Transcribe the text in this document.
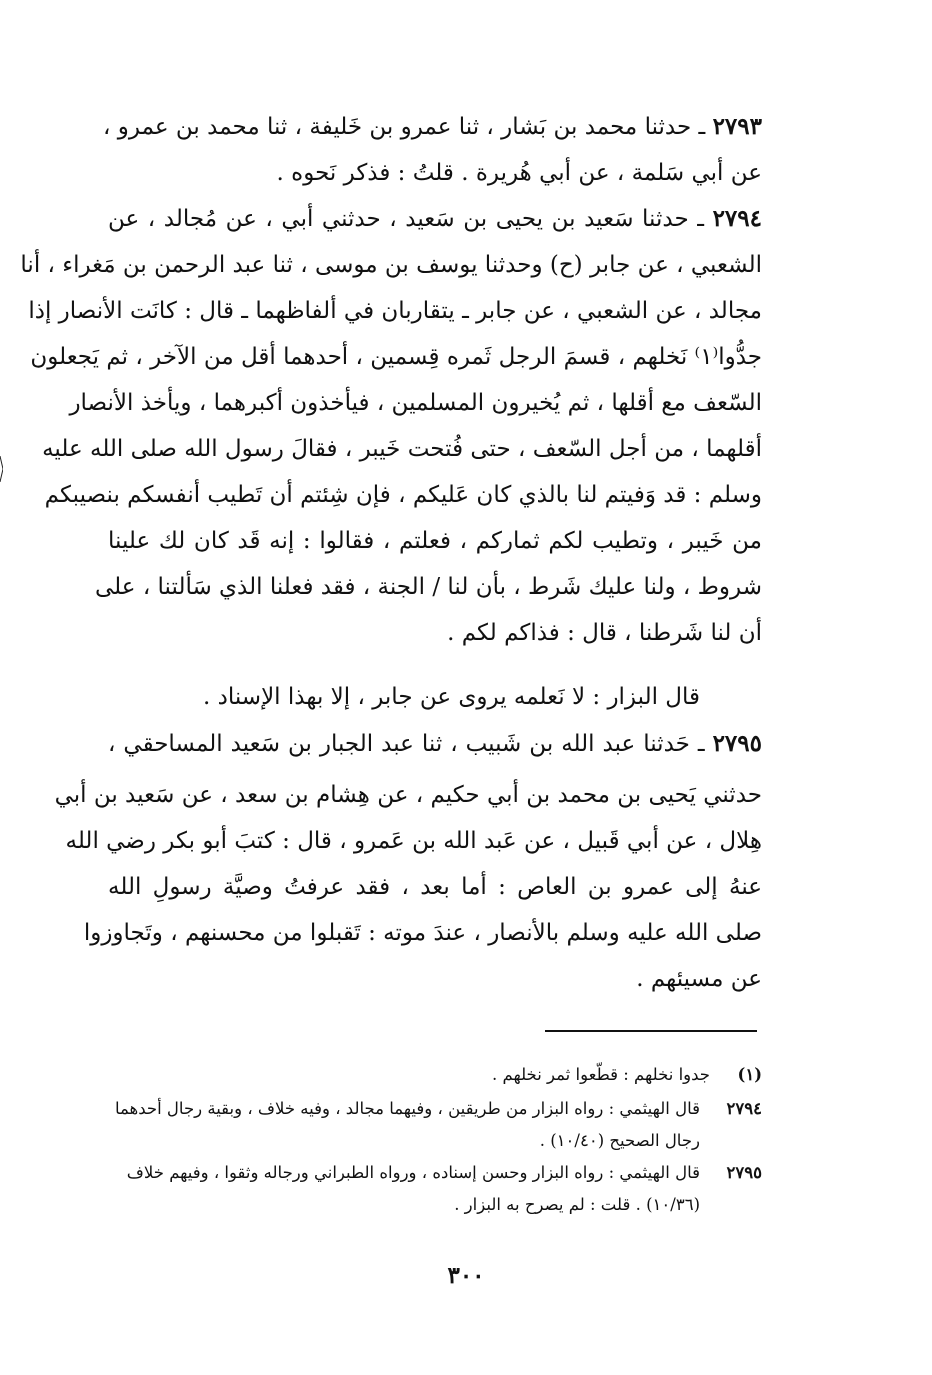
٢٧٩٣ ـ حدثنا محمد بن بَشار ، ثنا عمرو بن خَليفة ، ثنا محمد بن عمرو ،
عن أبي سَلمة ، عن أبي هُريرة . قلتُ : فذكر نَحوه .
٢٧٩٤ ـ حدثنا سَعيد بن يحيى بن سَعيد ، حدثني أبي ، عن مُجالد ، عن
الشعبي ، عن جابر (ح) وحدثنا يوسف بن موسى ، ثنا عبد الرحمن بن مَغراء ، أنا
مجالد ، عن الشعبي ، عن جابر ـ يتقاربان في ألفاظهما ـ قال : كانَت الأنصار إذا
جدُّوا⁽١⁾ نَخلهم ، قسمَ الرجل ثَمره قِسمين ، أحدهما أقل من الآخر ، ثم يَجعلون
السّعف مع أقلها ، ثم يُخيرون المسلمين ، فيأخذون أكبرهما ، ويأخذ الأنصار
أقلهما ، من أجل السّعف ، حتى فُتحت خَيبر ، فقالَ رسول الله صلى الله عليه
وسلم : قد وَفيتم لنا بالذي كان عَليكم ، فإن شِئتم أن تَطيب أنفسكم بنصيبكم
من خَيبر ، وتطيب لكم ثماركم ، فعلتم ، فقالوا : إنه قَد كان لك علينا
شروط ، ولنا عليك شَرط ، بأن لنا / الجنة ، فقد فعلنا الذي سَألتنا ، على
أن لنا شَرطنا ، قال : فذاكم لكم .
قال البزار : لا نَعلمه يروى عن جابر ، إلا بهذا الإسناد .
٢٧٩٥ ـ حَدثنا عبد الله بن شَبيب ، ثنا عبد الجبار بن سَعيد المساحقي ،
حدثني يَحيى بن محمد بن أبي حكيم ، عن هِشام بن سعد ، عن سَعيد بن أبي
هِلال ، عن أبي قَبيل ، عن عَبد الله بن عَمرو ، قال : كتبَ أبو بكر رضي الله
عنهُ إلى عمرو بن العاص : أما بعد ، فقد عرفتُ وصيَّة رسولِ الله
صلى الله عليه وسلم بالأنصار ، عندَ موته : تَقبلوا من محسنهم ، وتَجاوزوا
عن مسيئهم .
(١)جدوا نخلهم : قطّعوا ثمر نخلهم .
٢٧٩٤قال الهيثمي : رواه البزار من طريقين ، وفيهما مجالد ، وفيه خلاف ، وبقية رجال أحدهما
رجال الصحيح (١٠/٤٠) .
٢٧٩٥قال الهيثمي : رواه البزار وحسن إسناده ، ورواه الطبراني ورجاله وثقوا ، وفيهم خلاف
(١٠/٣٦) . قلت : لم يصرح به البزار .
٣٠٠
